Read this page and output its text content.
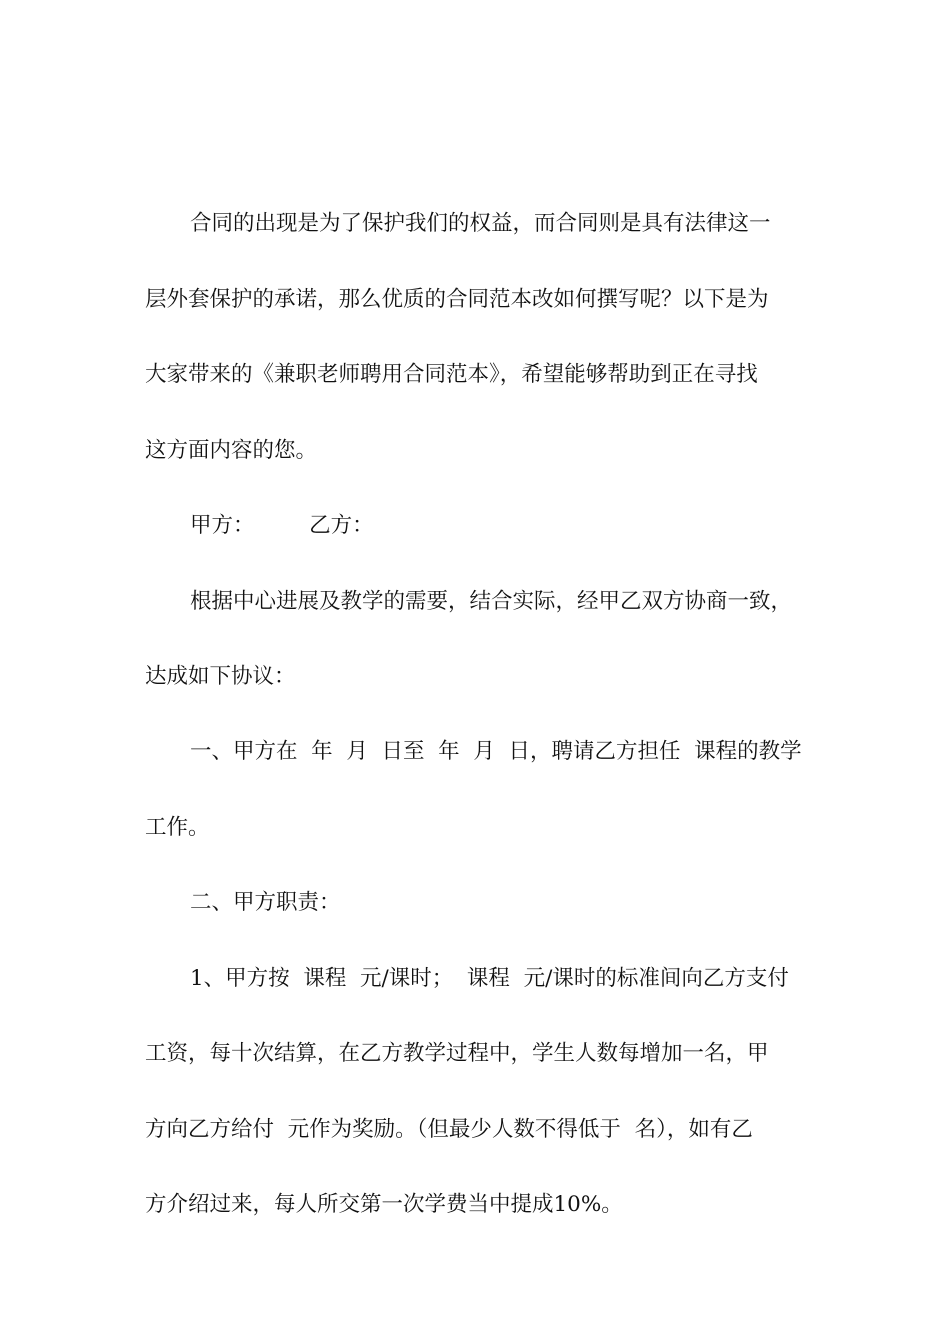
合同的出现是为了保护我们的权益，而合同则是具有法律这一

层外套保护的承诺，那么优质的合同范本改如何撰写呢？以下是为

大家带来的《兼职老师聘用合同范本》，希望能够帮助到正在寻找

这方面内容的您。

甲方：        乙方：

根据中心进展及教学的需要，结合实际，经甲乙双方协商一致，

达成如下协议：

一、甲方在  年  月  日至  年  月  日，聘请乙方担任  课程的教学

工作。

二、甲方职责：

1、甲方按  课程  元/课时；  课程  元/课时的标准间向乙方支付

工资，每十次结算，在乙方教学过程中，学生人数每增加一名，甲

方向乙方给付  元作为奖励。（但最少人数不得低于  名），如有乙

方介绍过来，每人所交第一次学费当中提成10%。
